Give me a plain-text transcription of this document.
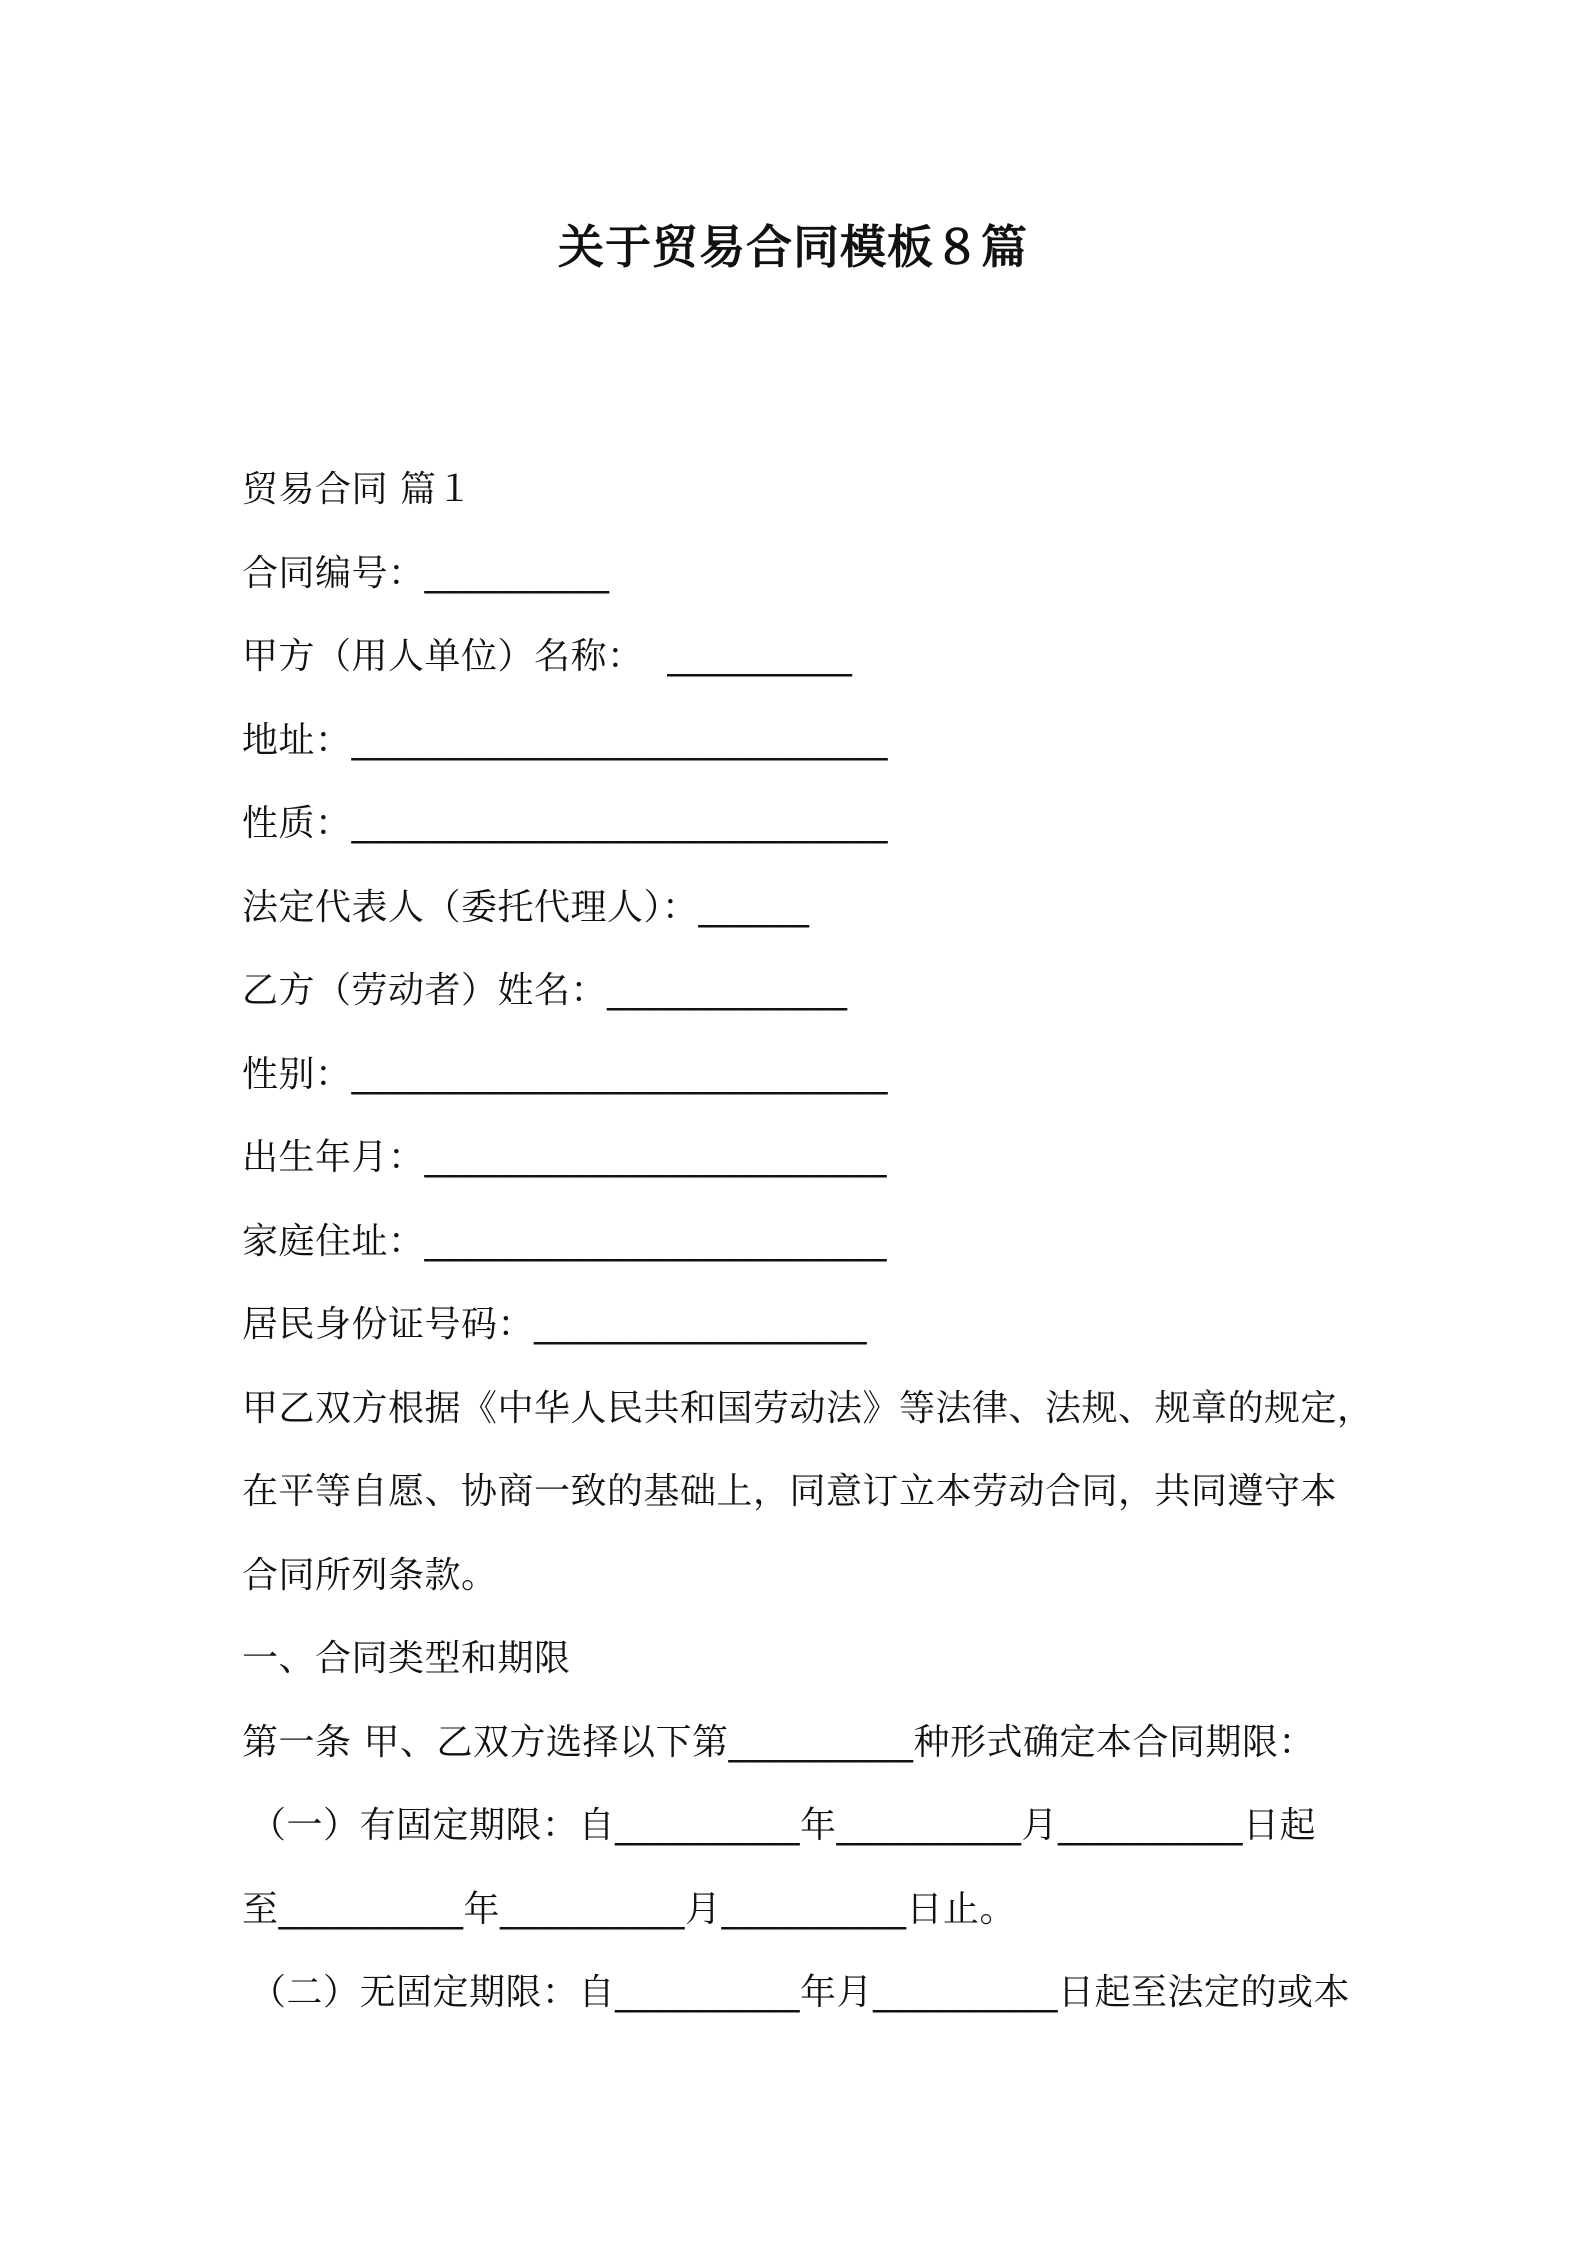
关于贸易合同模板８篇
贸易合同 篇１
合同编号：__________
甲方（用人单位）名称：  __________
地址：_____________________________
性质：_____________________________
法定代表人（委托代理人）：______
乙方（劳动者）姓名：_____________
性别：_____________________________
出生年月：_________________________
家庭住址：_________________________
居民身份证号码：__________________
甲乙双方根据《中华人民共和国劳动法》等法律、法规、规章的规定，
在平等自愿、协商一致的基础上，同意订立本劳动合同，共同遵守本
合同所列条款。
一、合同类型和期限
第一条 甲、乙双方选择以下第__________种形式确定本合同期限：
（一）有固定期限：自__________年__________月__________日起
至__________年__________月__________日止。
（二）无固定期限：自__________年月__________日起至法定的或本
